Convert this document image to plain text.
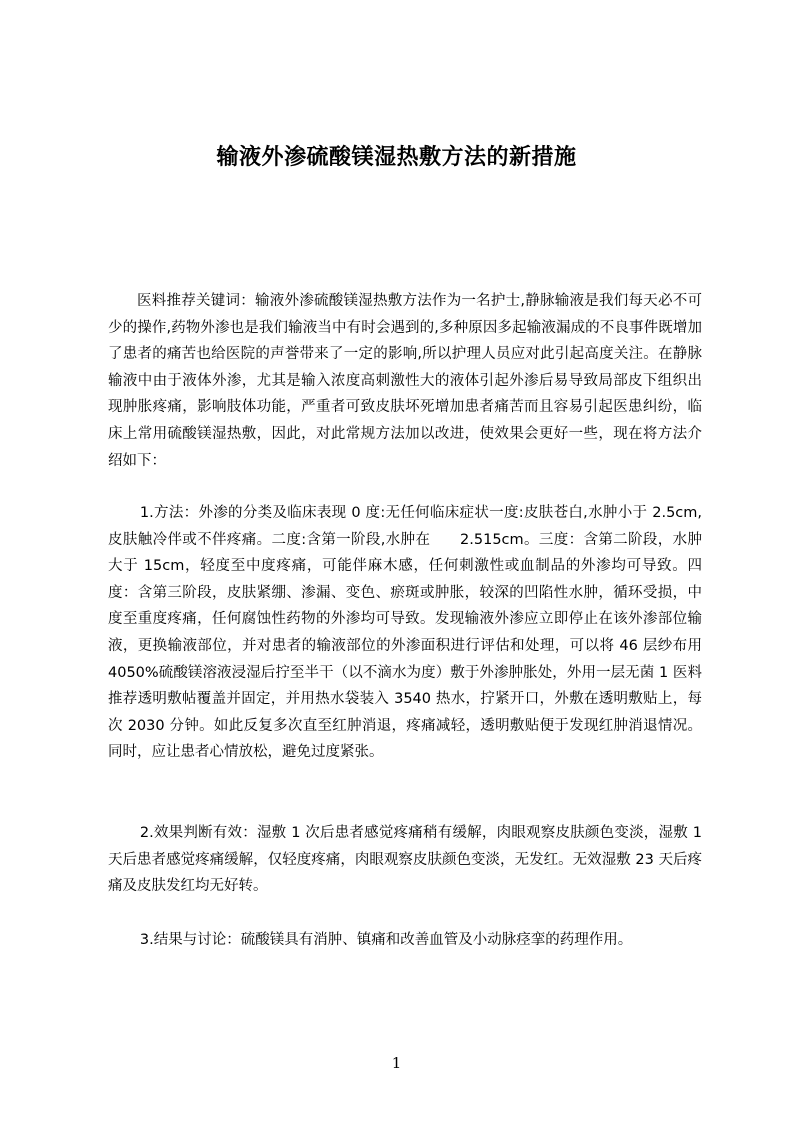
输液外渗硫酸镁湿热敷方法的新措施

医料推荐关键词：输液外渗硫酸镁湿热敷方法作为一名护士,静脉输液是我们每天必不可少的操作,药物外渗也是我们输液当中有时会遇到的,多种原因多起输液漏成的不良事件既增加了患者的痛苦也给医院的声誉带来了一定的影响,所以护理人员应对此引起高度关注。在静脉输液中由于液体外渗，尤其是输入浓度高刺激性大的液体引起外渗后易导致局部皮下组织出现肿胀疼痛，影响肢体功能，严重者可致皮肤坏死增加患者痛苦而且容易引起医患纠纷，临床上常用硫酸镁湿热敷，因此，对此常规方法加以改进，使效果会更好一些，现在将方法介绍如下：

1.方法：外渗的分类及临床表现 0 度:无任何临床症状一度:皮肤苍白,水肿小于 2.5cm,皮肤触冷伴或不伴疼痛。二度:含第一阶段,水肿在　　2.515cm。三度：含第二阶段，水肿大于 15cm，轻度至中度疼痛，可能伴麻木感，任何刺激性或血制品的外渗均可导致。四度：含第三阶段，皮肤紧绷、渗漏、变色、瘀斑或肿胀，较深的凹陷性水肿，循环受损，中度至重度疼痛，任何腐蚀性药物的外渗均可导致。发现输液外渗应立即停止在该外渗部位输液，更换输液部位，并对患者的输液部位的外渗面积进行评估和处理，可以将 46 层纱布用 4050%硫酸镁溶液浸湿后拧至半干（以不滴水为度）敷于外渗肿胀处，外用一层无菌 1 医料推荐透明敷帖覆盖并固定，并用热水袋装入 3540 热水，拧紧开口，外敷在透明敷贴上，每次 2030 分钟。如此反复多次直至红肿消退，疼痛减轻，透明敷贴便于发现红肿消退情况。同时，应让患者心情放松，避免过度紧张。

2.效果判断有效：湿敷 1 次后患者感觉疼痛稍有缓解，肉眼观察皮肤颜色变淡，湿敷 1 天后患者感觉疼痛缓解，仅轻度疼痛，肉眼观察皮肤颜色变淡，无发红。无效湿敷 23 天后疼痛及皮肤发红均无好转。

3.结果与讨论：硫酸镁具有消肿、镇痛和改善血管及小动脉痉挛的药理作用。

1
